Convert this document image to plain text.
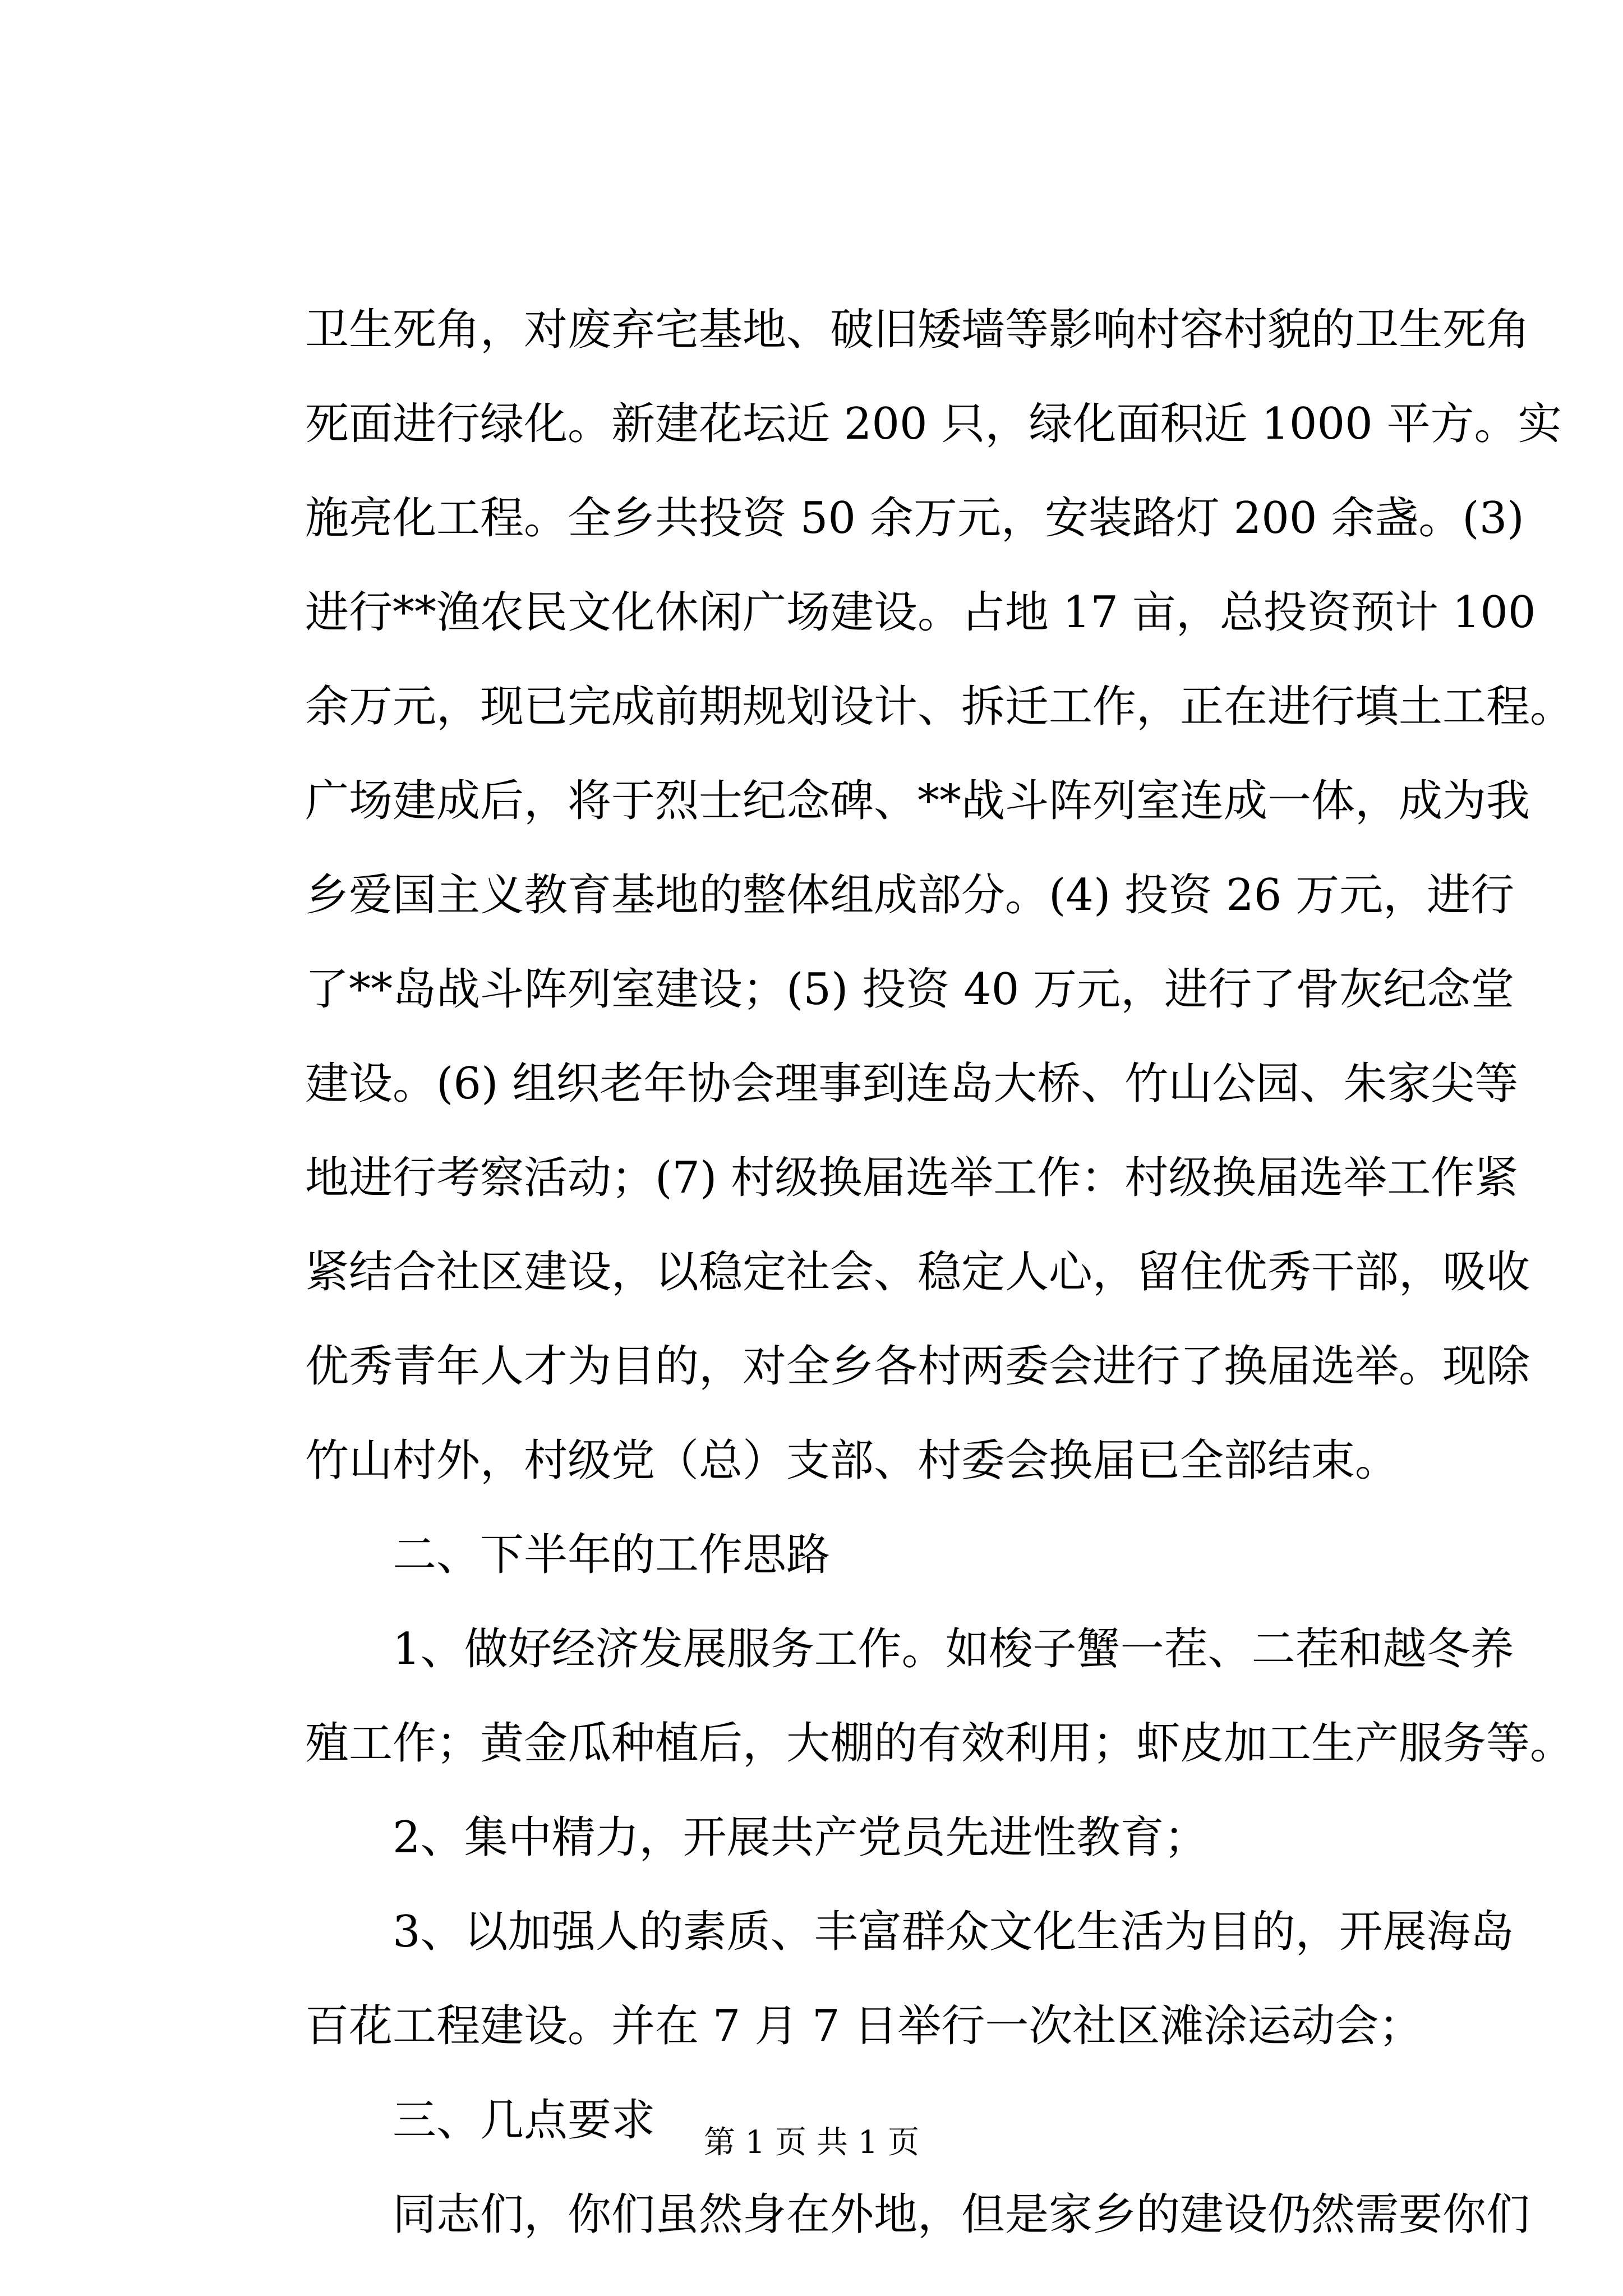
卫生死角，对废弃宅基地、破旧矮墙等影响村容村貌的卫生死角
死面进行绿化。新建花坛近 200 只，绿化面积近 1000 平方。实
施亮化工程。全乡共投资 50 余万元，安装路灯 200 余盏。(3)
进行**渔农民文化休闲广场建设。占地 17 亩，总投资预计 100
余万元，现已完成前期规划设计、拆迁工作，正在进行填土工程。
广场建成后，将于烈士纪念碑、**战斗阵列室连成一体，成为我
乡爱国主义教育基地的整体组成部分。(4) 投资 26 万元，进行
了**岛战斗阵列室建设；(5) 投资 40 万元，进行了骨灰纪念堂
建设。(6) 组织老年协会理事到连岛大桥、竹山公园、朱家尖等
地进行考察活动；(7) 村级换届选举工作：村级换届选举工作紧
紧结合社区建设，以稳定社会、稳定人心，留住优秀干部，吸收
优秀青年人才为目的，对全乡各村两委会进行了换届选举。现除
竹山村外，村级党（总）支部、村委会换届已全部结束。
二、下半年的工作思路
1、做好经济发展服务工作。如梭子蟹一茬、二茬和越冬养
殖工作；黄金瓜种植后，大棚的有效利用；虾皮加工生产服务等。
2、集中精力，开展共产党员先进性教育；
3、以加强人的素质、丰富群众文化生活为目的，开展海岛
百花工程建设。并在 7 月 7 日举行一次社区滩涂运动会；
三、几点要求
同志们，你们虽然身在外地，但是家乡的建设仍然需要你们
第 1 页 共 1 页
